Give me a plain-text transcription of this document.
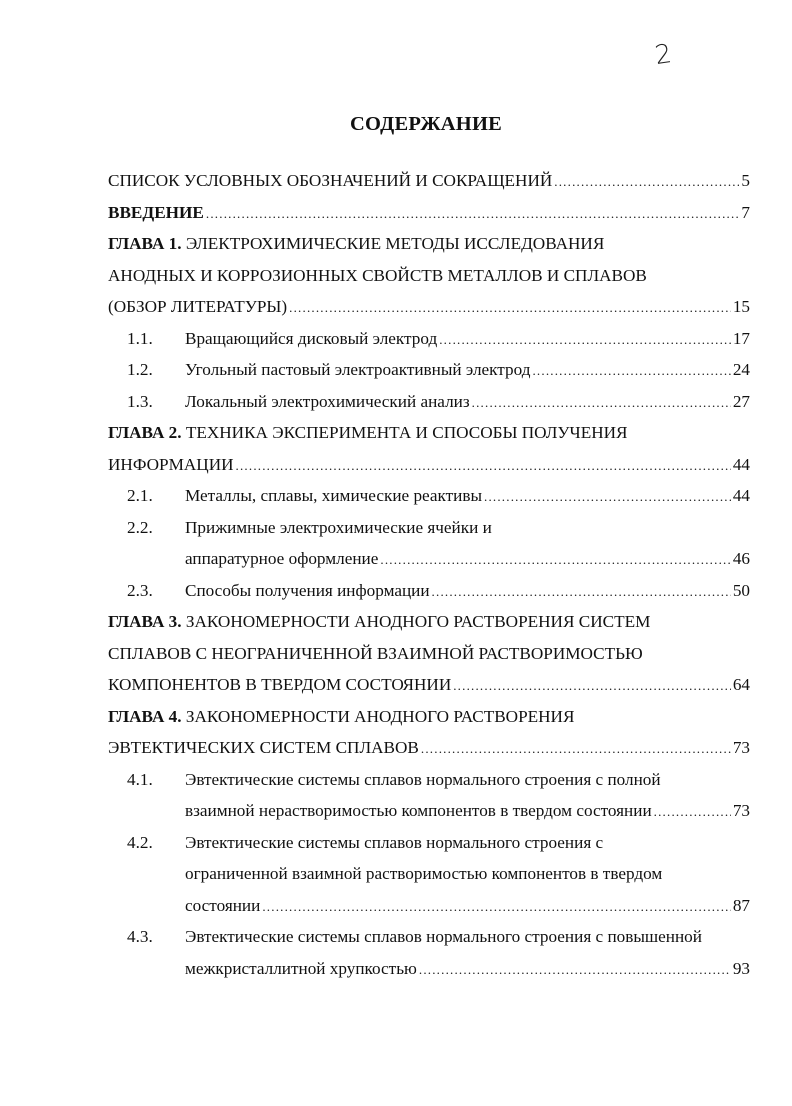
2
СОДЕРЖАНИЕ
СПИСОК УСЛОВНЫХ ОБОЗНАЧЕНИЙ И СОКРАЩЕНИЙ .....	5
ВВЕДЕНИЕ .....	7
ГЛАВА 1. ЭЛЕКТРОХИМИЧЕСКИЕ МЕТОДЫ ИССЛЕДОВАНИЯ
АНОДНЫХ И КОРРОЗИОННЫХ СВОЙСТВ МЕТАЛЛОВ И СПЛАВОВ
(ОБЗОР ЛИТЕРАТУРЫ) .....	15
1.1.	Вращающийся дисковый электрод .....	17
1.2.	Угольный пастовый электроактивный электрод .....	24
1.3.	Локальный электрохимический анализ .....	27
ГЛАВА 2. ТЕХНИКА ЭКСПЕРИМЕНТА И СПОСОБЫ ПОЛУЧЕНИЯ
ИНФОРМАЦИИ .....	44
2.1.	Металлы, сплавы, химические реактивы .....	44
2.2.	Прижимные электрохимические ячейки и
аппаратурное оформление .....	46
2.3.	Способы получения информации .....	50
ГЛАВА 3. ЗАКОНОМЕРНОСТИ АНОДНОГО РАСТВОРЕНИЯ СИСТЕМ
СПЛАВОВ С НЕОГРАНИЧЕННОЙ ВЗАИМНОЙ РАСТВОРИМОСТЬЮ
КОМПОНЕНТОВ В ТВЕРДОМ СОСТОЯНИИ .....	64
ГЛАВА 4. ЗАКОНОМЕРНОСТИ АНОДНОГО РАСТВОРЕНИЯ
ЭВТЕКТИЧЕСКИХ СИСТЕМ СПЛАВОВ .....	73
4.1.	Эвтектические системы сплавов нормального строения с полной
взаимной нерастворимостью компонентов в твердом состоянии .....	73
4.2.	Эвтектические системы сплавов нормального строения с
ограниченной взаимной растворимостью компонентов в твердом
состоянии .....	87
4.3.	Эвтектические системы сплавов нормального строения с повышенной
межкристаллитной хрупкостью .....	93
